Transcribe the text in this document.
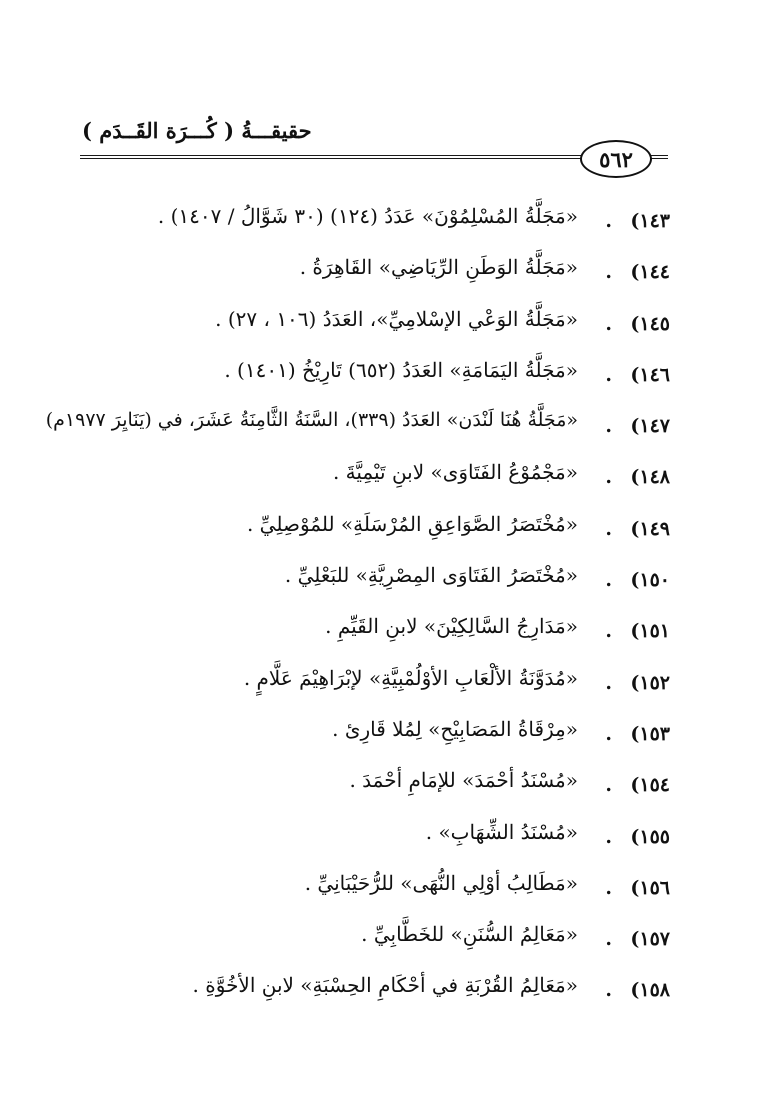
حقيقـــةُ ( كُـــرَة القَــدَم )
٥٦٢
(١٤٣
.
«مَجَلَّةُ المُسْلِمُوْنَ» عَدَدُ (١٢٤) (٣٠ شَوَّالُ / ١٤٠٧) .
(١٤٤
.
«مَجَلَّةُ الوَطَنِ الرِّيَاضِي» القَاهِرَةُ .
(١٤٥
.
«مَجَلَّةُ الوَعْي الإسْلامِيِّ»، العَدَدُ (١٠٦ ، ٢٧) .
(١٤٦
.
«مَجَلَّةُ اليَمَامَةِ» العَدَدُ (٦٥٢) تَارِيْخُ (١٤٠١) .
(١٤٧
.
«مَجَلَّةُ هُنَا لَنْدَن» العَدَدُ (٣٣٩)، السَّنَةُ الثَّامِنَةُ عَشَرَ، في (يَنَايِرَ ١٩٧٧م)
(١٤٨
.
«مَجْمُوْعُ الفَتَاوَى» لابنِ تَيْمِيَّةَ .
(١٤٩
.
«مُخْتَصَرُ الصَّوَاعِقِ المُرْسَلَةِ» للمُوْصِلِيِّ .
(١٥٠
.
«مُخْتَصَرُ الفَتَاوَى المِصْرِيَّةِ» للبَعْلِيِّ .
(١٥١
.
«مَدَارِجُ السَّالِكِيْنَ» لابنِ القَيِّمِ .
(١٥٢
.
«مُدَوَّنَةُ الألْعَابِ الأوْلُمْبِيَّةِ» لإبْرَاهِيْمَ عَلَّامٍ .
(١٥٣
.
«مِرْقَاةُ المَصَابِيْحِ» لِمُلا قَارِئ .
(١٥٤
.
«مُسْنَدُ أحْمَدَ» للإمَامِ أحْمَدَ .
(١٥٥
.
«مُسْنَدُ الشِّهَابِ» .
(١٥٦
.
«مَطَالِبُ أوْلِي النُّهَى» للرُّحَيْبَانِيِّ .
(١٥٧
.
«مَعَالِمُ السُّنَنِ» للخَطَّابِيِّ .
(١٥٨
.
«مَعَالِمُ القُرْبَةِ في أحْكَامِ الحِسْبَةِ» لابنِ الأخُوَّةِ .
